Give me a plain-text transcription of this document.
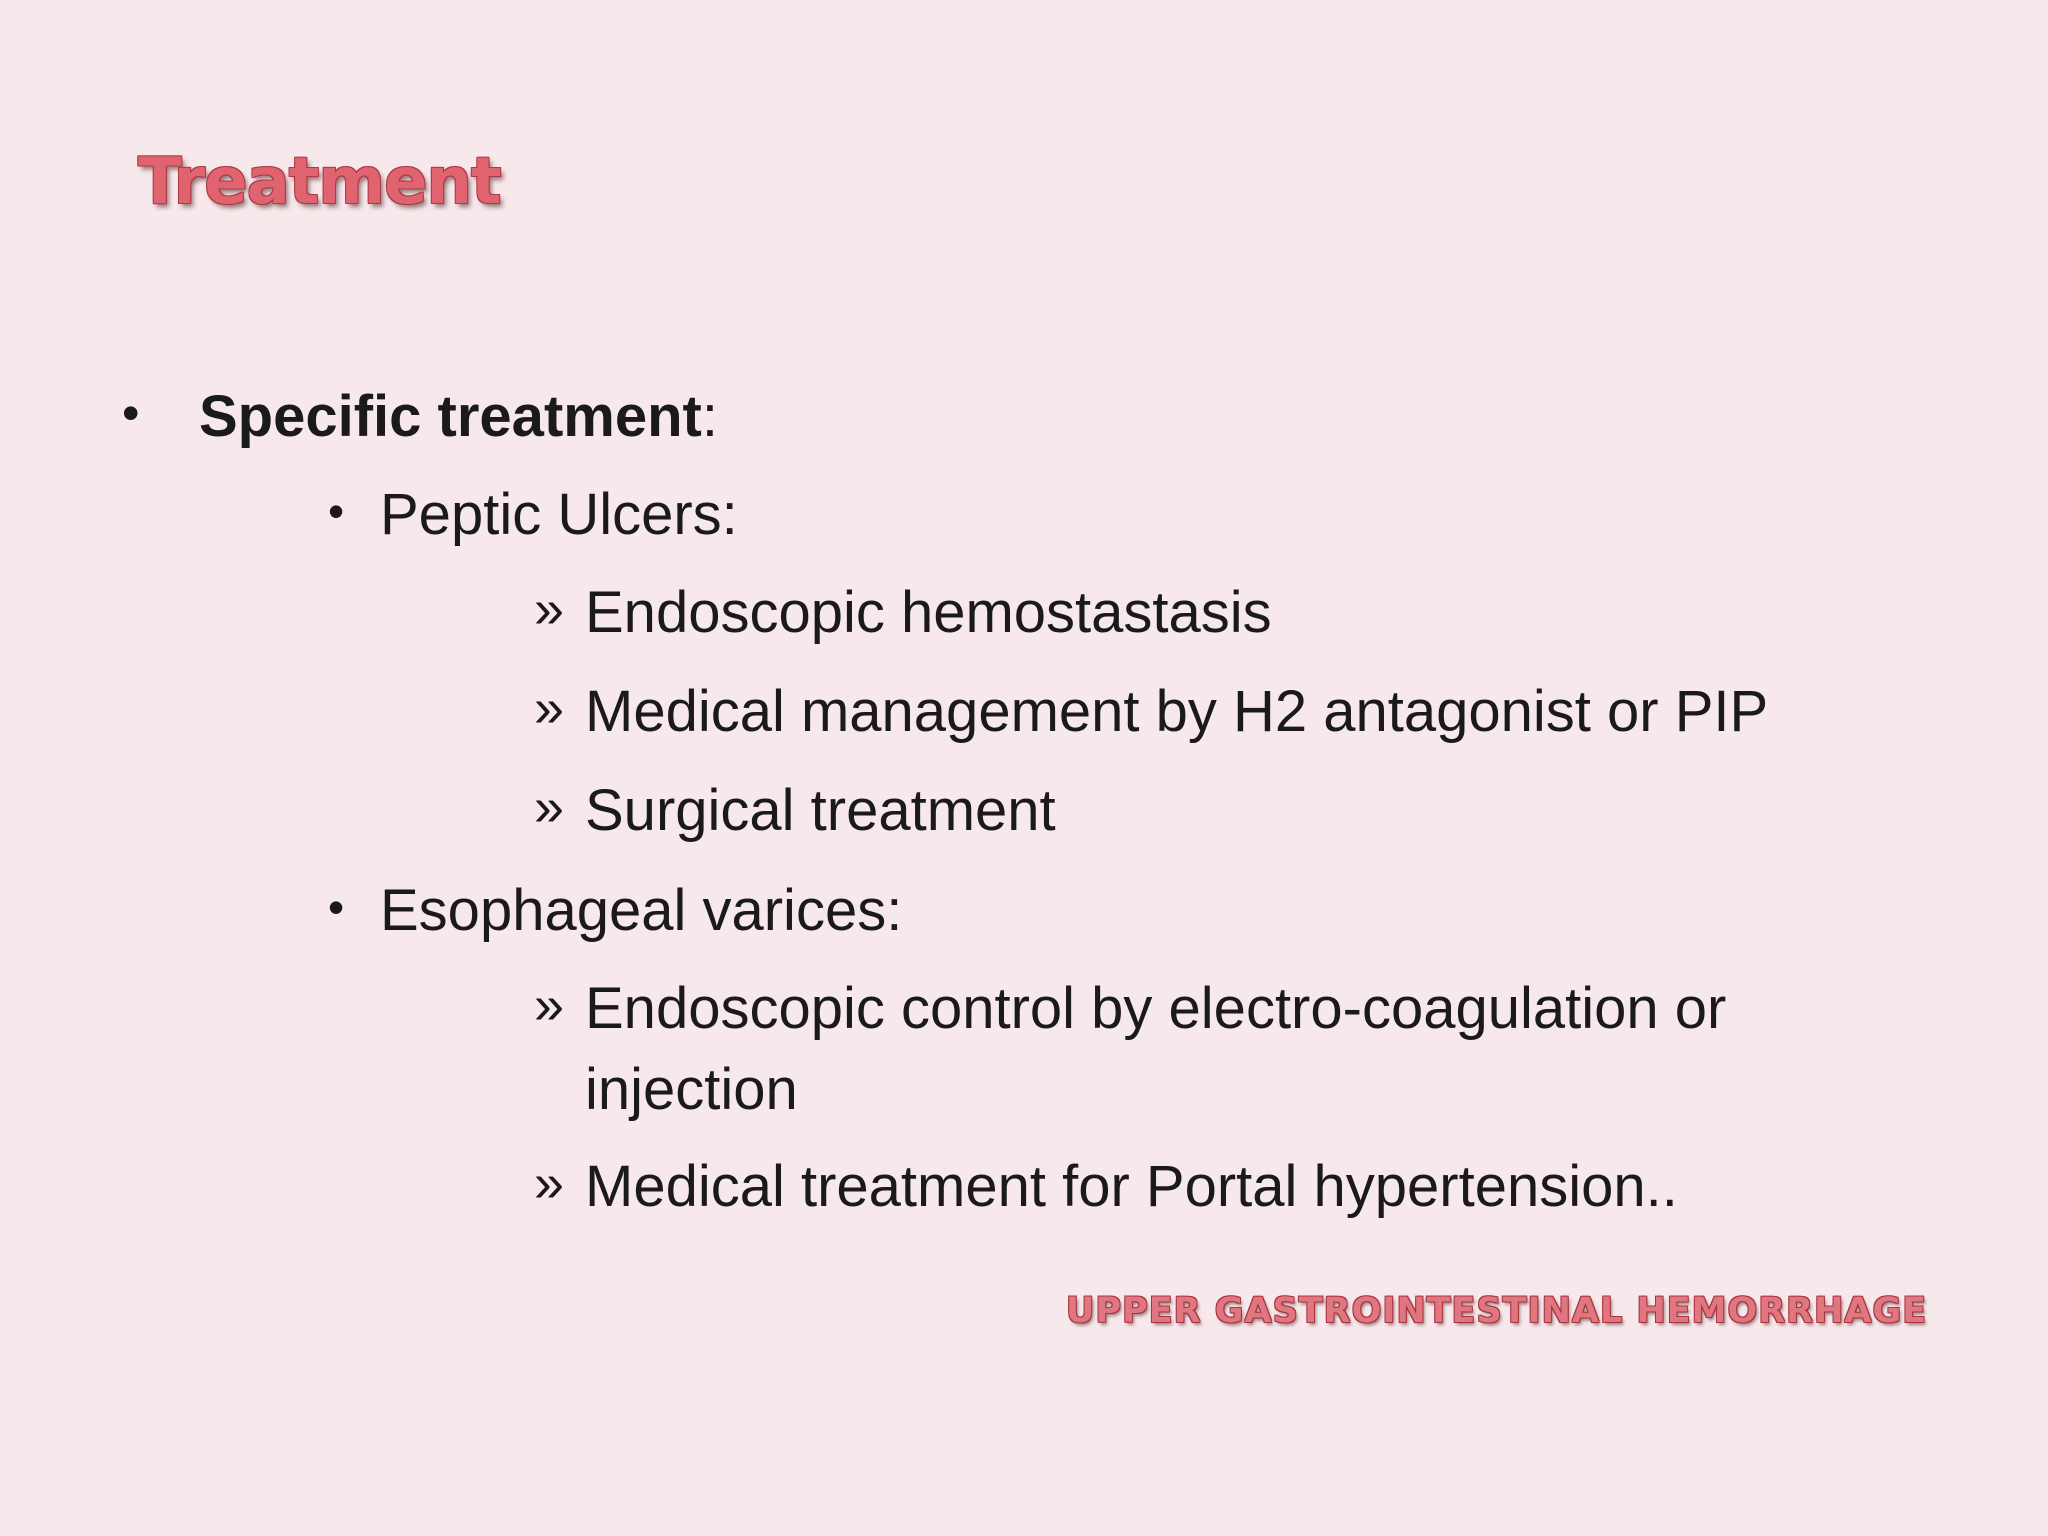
Treatment
• Specific treatment:
• Peptic Ulcers:
» Endoscopic hemostastasis
» Medical management by H2 antagonist or PIP
» Surgical treatment
• Esophageal varices:
» Endoscopic control by electro-coagulation or
injection
» Medical treatment for Portal hypertension..
UPPER GASTROINTESTINAL HEMORRHAGE
